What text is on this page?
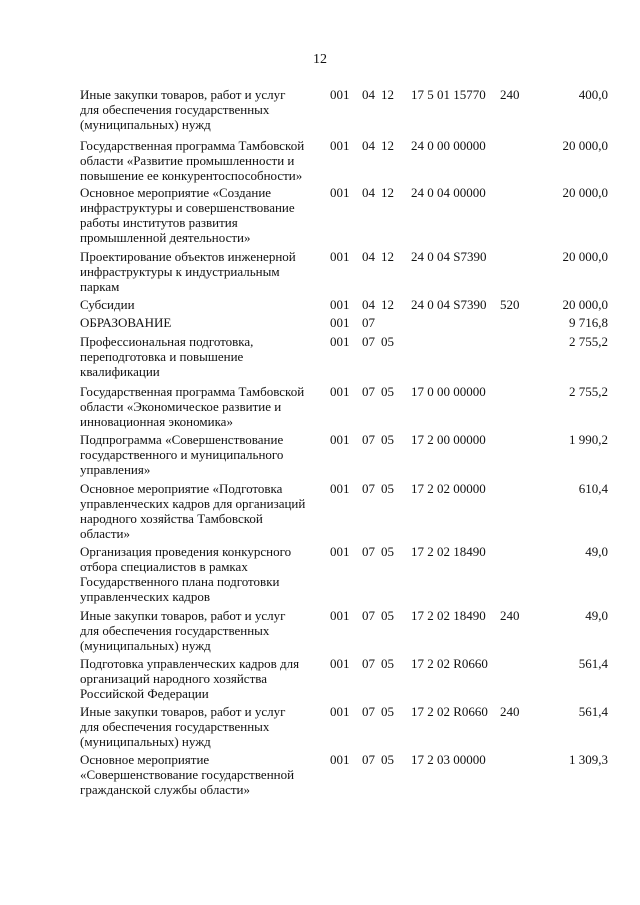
12
Иные закупки товаров, работ и услуг
для обеспечения государственных
(муниципальных) нужд
001 04 12 17 5 01 15770 240	400,0
Государственная программа Тамбовской
области «Развитие промышленности и
повышение ее конкурентоспособности»
001 04 12 24 0 00 00000	20 000,0
Основное мероприятие «Создание
инфраструктуры и совершенствование
работы институтов развития
промышленной деятельности»
001 04 12 24 0 04 00000	20 000,0
Проектирование объектов инженерной
инфраструктуры к индустриальным
паркам
001 04 12 24 0 04 S7390	20 000,0
Субсидии	001 04 12 24 0 04 S7390 520	20 000,0
ОБРАЗОВАНИЕ	001 07	9 716,8
Профессиональная подготовка,
переподготовка и повышение
квалификации
001 07 05	2 755,2
Государственная программа Тамбовской
области «Экономическое развитие и
инновационная экономика»
001 07 05 17 0 00 00000	2 755,2
Подпрограмма «Совершенствование
государственного и муниципального
управления»
001 07 05 17 2 00 00000	1 990,2
Основное мероприятие «Подготовка
управленческих кадров для организаций
народного хозяйства Тамбовской
области»
001 07 05 17 2 02 00000	610,4
Организация проведения конкурсного
отбора специалистов в рамках
Государственного плана подготовки
управленческих кадров
001 07 05 17 2 02 18490	49,0
Иные закупки товаров, работ и услуг
для обеспечения государственных
(муниципальных) нужд
001 07 05 17 2 02 18490 240	49,0
Подготовка управленческих кадров для
организаций народного хозяйства
Российской Федерации
001 07 05 17 2 02 R0660	561,4
Иные закупки товаров, работ и услуг
для обеспечения государственных
(муниципальных) нужд
001 07 05 17 2 02 R0660 240	561,4
Основное мероприятие
«Совершенствование государственной
гражданской службы области»
001 07 05 17 2 03 00000	1 309,3
